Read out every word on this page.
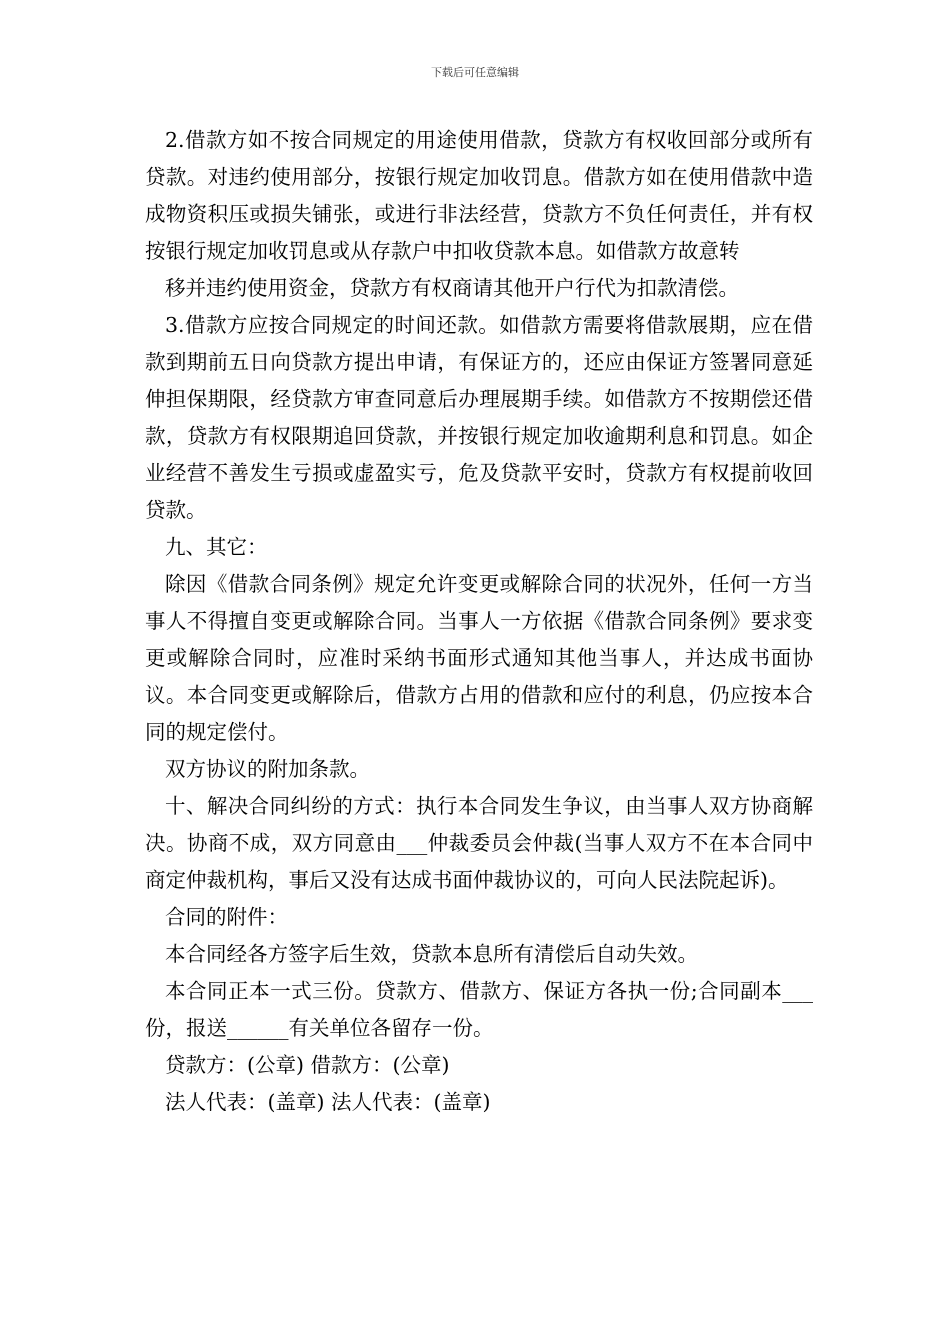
下载后可任意编辑

2.借款方如不按合同规定的用途使用借款，贷款方有权收回部分或所有贷款。对违约使用部分，按银行规定加收罚息。借款方如在使用借款中造成物资积压或损失铺张，或进行非法经营，贷款方不负任何责任，并有权按银行规定加收罚息或从存款户中扣收贷款本息。如借款方故意转

移并违约使用资金，贷款方有权商请其他开户行代为扣款清偿。

3.借款方应按合同规定的时间还款。如借款方需要将借款展期，应在借款到期前五日向贷款方提出申请，有保证方的，还应由保证方签署同意延伸担保期限，经贷款方审查同意后办理展期手续。如借款方不按期偿还借款，贷款方有权限期追回贷款，并按银行规定加收逾期利息和罚息。如企业经营不善发生亏损或虚盈实亏，危及贷款平安时，贷款方有权提前收回贷款。

九、其它：

除因《借款合同条例》规定允许变更或解除合同的状况外，任何一方当事人不得擅自变更或解除合同。当事人一方依据《借款合同条例》要求变更或解除合同时，应准时采纳书面形式通知其他当事人，并达成书面协议。本合同变更或解除后，借款方占用的借款和应付的利息，仍应按本合同的规定偿付。

双方协议的附加条款。

十、解决合同纠纷的方式：执行本合同发生争议，由当事人双方协商解决。协商不成，双方同意由___仲裁委员会仲裁(当事人双方不在本合同中商定仲裁机构，事后又没有达成书面仲裁协议的，可向人民法院起诉)。

合同的附件：

本合同经各方签字后生效，贷款本息所有清偿后自动失效。

本合同正本一式三份。贷款方、借款方、保证方各执一份;合同副本___份，报送______有关单位各留存一份。

贷款方：(公章) 借款方：(公章)

法人代表：(盖章) 法人代表：(盖章)
